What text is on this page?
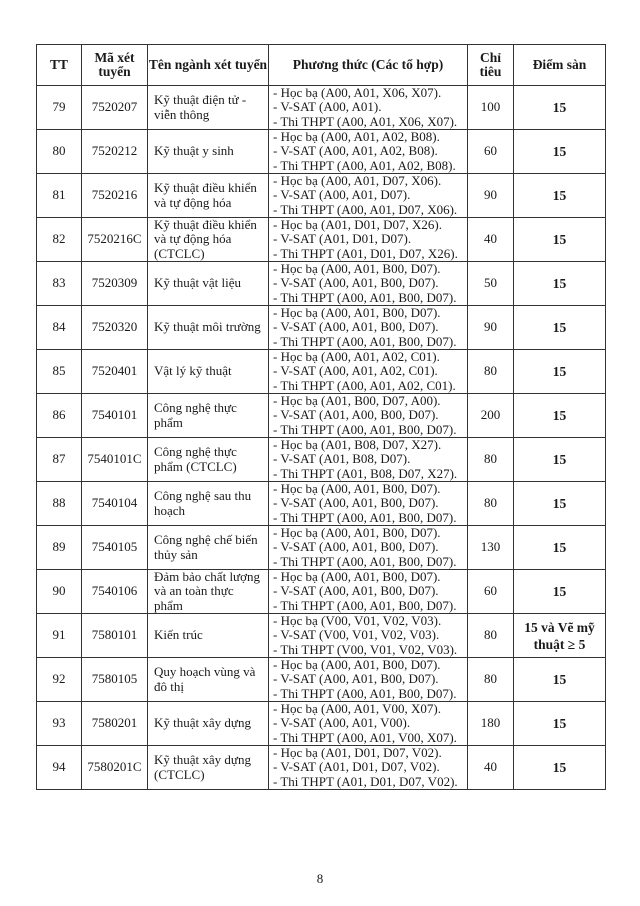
TT	Mã xét tuyển	Tên ngành xét tuyển	Phương thức (Các tổ hợp)	Chỉ tiêu	Điểm sàn
79	7520207	Kỹ thuật điện tử - viễn thông	- Học bạ (A00, A01, X06, X07).
- V-SAT (A00, A01).
- Thi THPT (A00, A01, X06, X07).	100	15
80	7520212	Kỹ thuật y sinh	- Học bạ (A00, A01, A02, B08).
- V-SAT (A00, A01, A02, B08).
- Thi THPT (A00, A01, A02, B08).	60	15
81	7520216	Kỹ thuật điều khiển và tự động hóa	- Học bạ (A00, A01, D07, X06).
- V-SAT (A00, A01, D07).
- Thi THPT (A00, A01, D07, X06).	90	15
82	7520216C	Kỹ thuật điều khiển và tự động hóa (CTCLC)	- Học bạ (A01, D01, D07, X26).
- V-SAT (A01, D01, D07).
- Thi THPT (A01, D01, D07, X26).	40	15
83	7520309	Kỹ thuật vật liệu	- Học bạ (A00, A01, B00, D07).
- V-SAT (A00, A01, B00, D07).
- Thi THPT (A00, A01, B00, D07).	50	15
84	7520320	Kỹ thuật môi trường	- Học bạ (A00, A01, B00, D07).
- V-SAT (A00, A01, B00, D07).
- Thi THPT (A00, A01, B00, D07).	90	15
85	7520401	Vật lý kỹ thuật	- Học bạ (A00, A01, A02, C01).
- V-SAT (A00, A01, A02, C01).
- Thi THPT (A00, A01, A02, C01).	80	15
86	7540101	Công nghệ thực phẩm	- Học bạ (A01, B00, D07, A00).
- V-SAT (A01, A00, B00, D07).
- Thi THPT (A00, A01, B00, D07).	200	15
87	7540101C	Công nghệ thực phẩm (CTCLC)	- Học bạ (A01, B08, D07, X27).
- V-SAT (A01, B08, D07).
- Thi THPT (A01, B08, D07, X27).	80	15
88	7540104	Công nghệ sau thu hoạch	- Học bạ (A00, A01, B00, D07).
- V-SAT (A00, A01, B00, D07).
- Thi THPT (A00, A01, B00, D07).	80	15
89	7540105	Công nghệ chế biến thủy sản	- Học bạ (A00, A01, B00, D07).
- V-SAT (A00, A01, B00, D07).
- Thi THPT (A00, A01, B00, D07).	130	15
90	7540106	Đảm bảo chất lượng và an toàn thực phẩm	- Học bạ (A00, A01, B00, D07).
- V-SAT (A00, A01, B00, D07).
- Thi THPT (A00, A01, B00, D07).	60	15
91	7580101	Kiến trúc	- Học bạ (V00, V01, V02, V03).
- V-SAT (V00, V01, V02, V03).
- Thi THPT (V00, V01, V02, V03).	80	15 và Vẽ mỹ thuật ≥ 5
92	7580105	Quy hoạch vùng và đô thị	- Học bạ (A00, A01, B00, D07).
- V-SAT (A00, A01, B00, D07).
- Thi THPT (A00, A01, B00, D07).	80	15
93	7580201	Kỹ thuật xây dựng	- Học bạ (A00, A01, V00, X07).
- V-SAT (A00, A01, V00).
- Thi THPT (A00, A01, V00, X07).	180	15
94	7580201C	Kỹ thuật xây dựng (CTCLC)	- Học bạ (A01, D01, D07, V02).
- V-SAT (A01, D01, D07, V02).
- Thi THPT (A01, D01, D07, V02).	40	15
8
